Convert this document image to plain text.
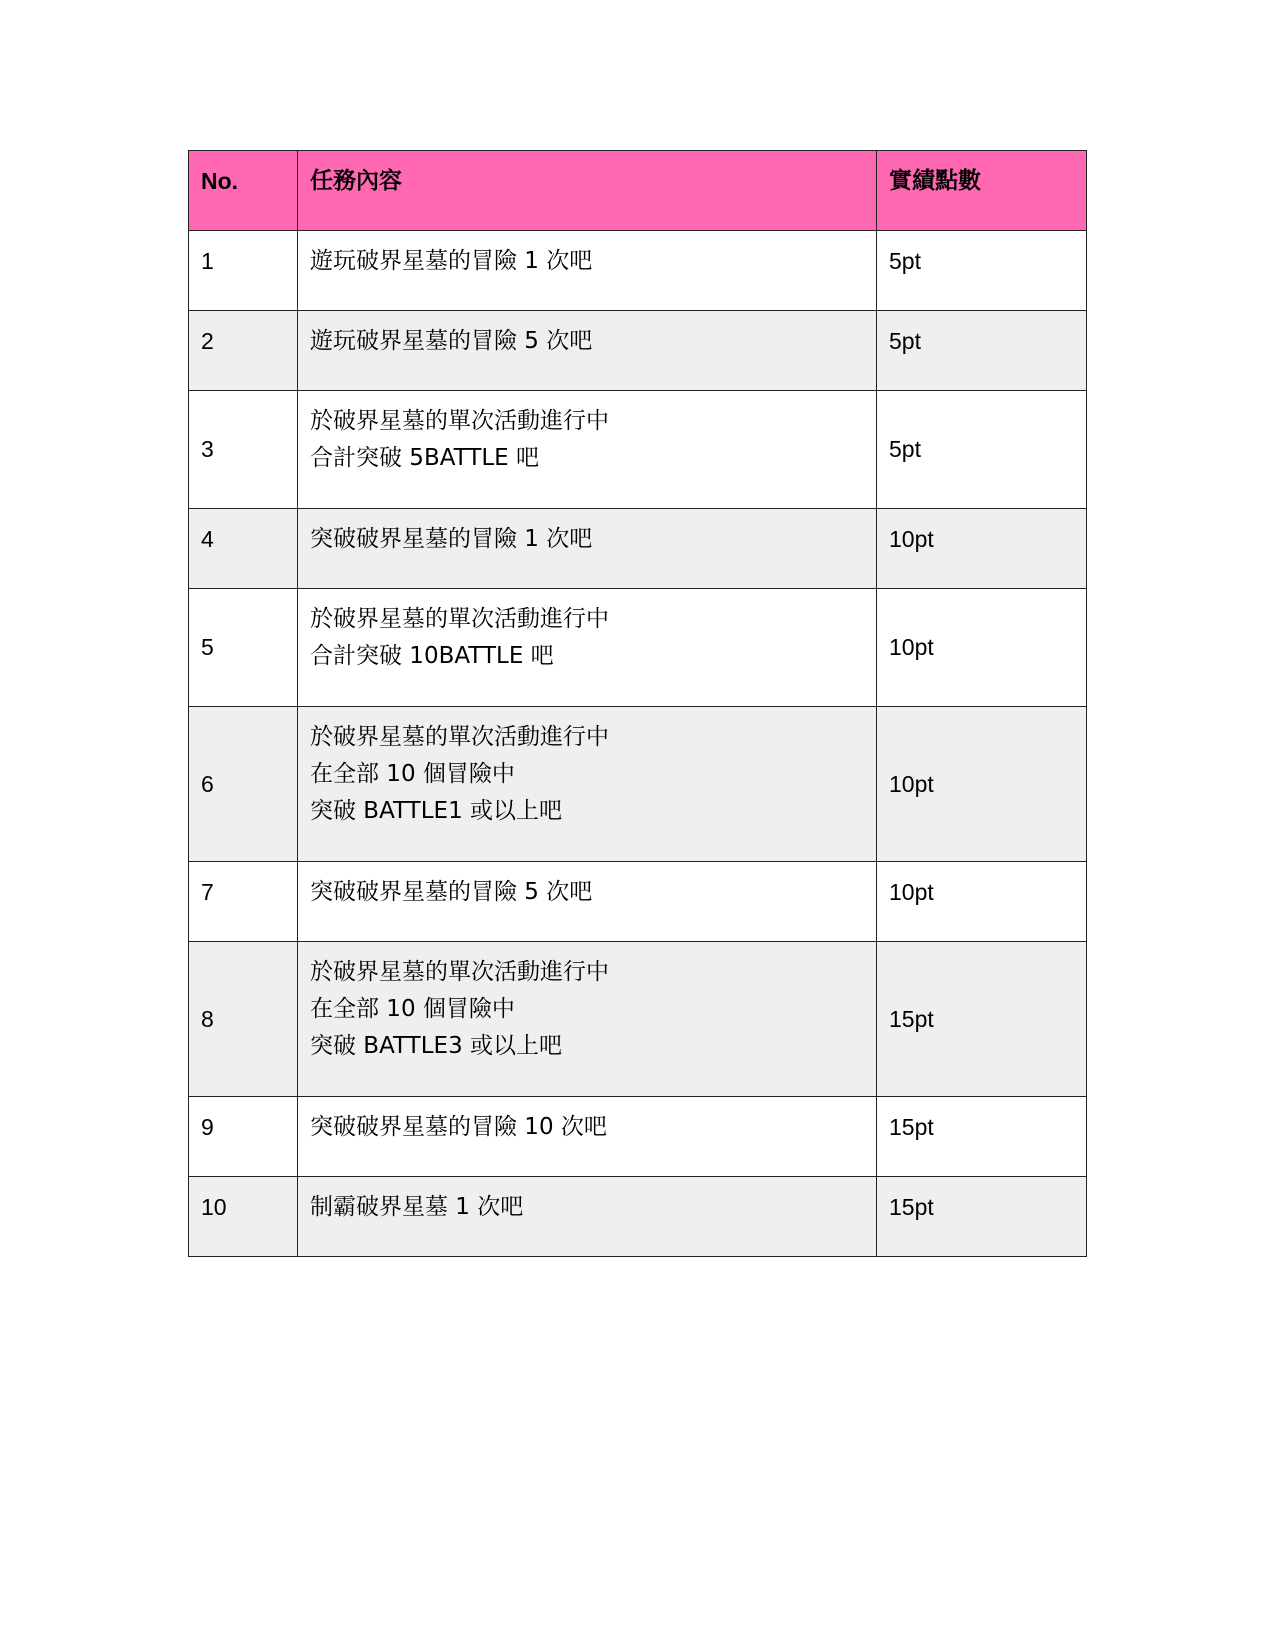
No.	任務內容	實績點數
1	遊玩破界星墓的冒險 1 次吧	5pt
2	遊玩破界星墓的冒險 5 次吧	5pt
3	於破界星墓的單次活動進行中
合計突破 5BATTLE 吧	5pt
4	突破破界星墓的冒險 1 次吧	10pt
5	於破界星墓的單次活動進行中
合計突破 10BATTLE 吧	10pt
6	於破界星墓的單次活動進行中
在全部 10 個冒險中
突破 BATTLE1 或以上吧	10pt
7	突破破界星墓的冒險 5 次吧	10pt
8	於破界星墓的單次活動進行中
在全部 10 個冒險中
突破 BATTLE3 或以上吧	15pt
9	突破破界星墓的冒險 10 次吧	15pt
10	制霸破界星墓 1 次吧	15pt
